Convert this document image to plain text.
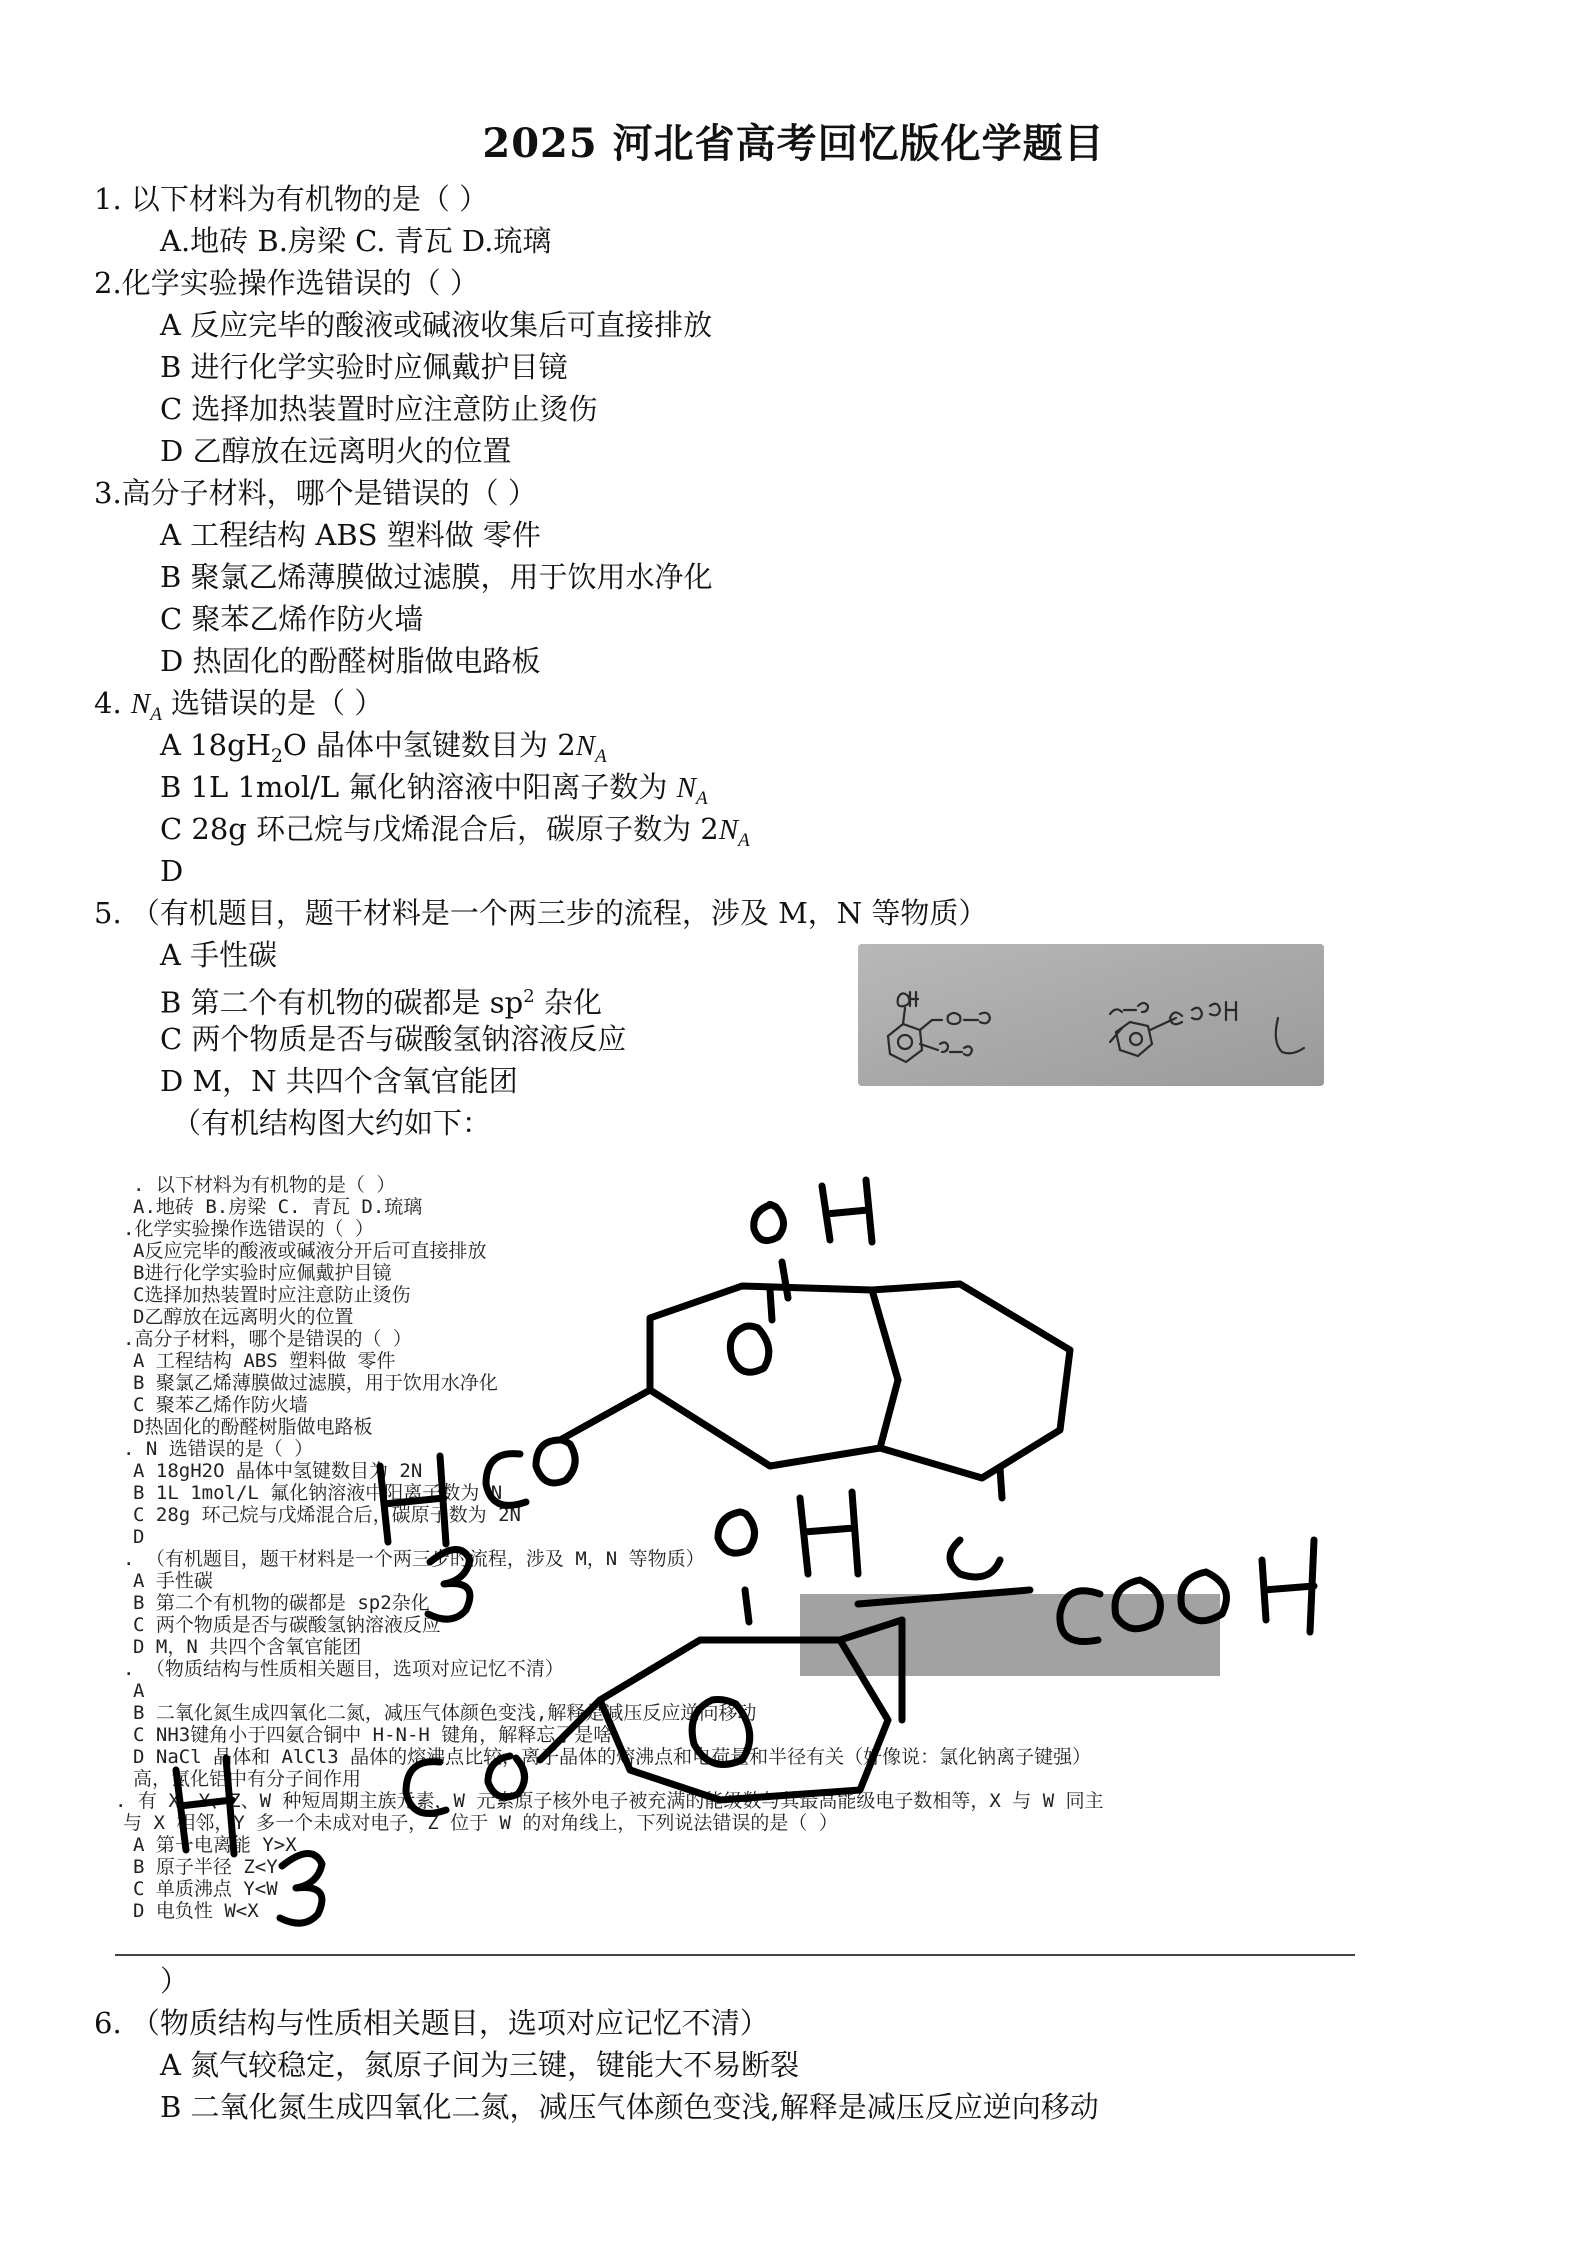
2025 河北省高考回忆版化学题目
1. 以下材料为有机物的是（ ）
A.地砖 B.房梁 C. 青瓦 D.琉璃
2.化学实验操作选错误的（ ）
A 反应完毕的酸液或碱液收集后可直接排放
B 进行化学实验时应佩戴护目镜
C 选择加热装置时应注意防止烫伤
D 乙醇放在远离明火的位置
3.高分子材料，哪个是错误的（ ）
A 工程结构 ABS 塑料做 零件
B 聚氯乙烯薄膜做过滤膜，用于饮用水净化
C 聚苯乙烯作防火墙
D 热固化的酚醛树脂做电路板
4. $N_A$ 选错误的是（ ）
A $18gH_2O$ 晶体中氢键数目为 $2N_A$
B 1L 1mol/L 氟化钠溶液中阳离子数为 $N_A$
C 28g 环己烷与戊烯混合后，碳原子数为 $2N_A$
D
5. （有机题目，题干材料是一个两三步的流程，涉及 M，N 等物质）
A 手性碳
B 第二个有机物的碳都是 $sp^2$ 杂化
C 两个物质是否与碳酸氢钠溶液反应
D M，N 共四个含氧官能团
（有机结构图大约如下：
. 以下材料为有机物的是（ ）
A.地砖 B.房梁 C. 青瓦 D.琉璃
.化学实验操作选错误的（ ）
A反应完毕的酸液或碱液分开后可直接排放
B进行化学实验时应佩戴护目镜
C选择加热装置时应注意防止烫伤
D乙醇放在远离明火的位置
.高分子材料，哪个是错误的（ ）
A 工程结构 ABS 塑料做 零件
B 聚氯乙烯薄膜做过滤膜，用于饮用水净化
C 聚苯乙烯作防火墙
D热固化的酚醛树脂做电路板
. N 选错误的是（ ）
A 18gH2O 晶体中氢键数目为 2N
B 1L 1mol/L 氟化钠溶液中阳离子数为 N
C 28g 环己烷与戊烯混合后，碳原子数为 2N
D
. （有机题目，题干材料是一个两三步的流程，涉及 M，N 等物质）
A 手性碳
B 第二个有机物的碳都是 sp2杂化
C 两个物质是否与碳酸氢钠溶液反应
D M，N 共四个含氧官能团
. （物质结构与性质相关题目，选项对应记忆不清）
A
B 二氧化氮生成四氧化二氮，减压气体颜色变浅,解释是减压反应逆向移动
C NH3键角小于四氨合铜中 H-N-H 键角，解释忘了是啥
D NaCl 晶体和 AlCl3 晶体的熔沸点比较，离子晶体的熔沸点和电荷量和半径有关（好像说：氯化钠离子键强）
高，氯化铝中有分子间作用
. 有 X、Y、Z、W 种短周期主族元素，W 元素原子核外电子被充满的能级数与其最高能级电子数相等，X 与 W 同主
与 X 相邻，Y 多一个未成对电子，Z 位于 W 的对角线上，下列说法错误的是（ ）
A 第一电离能 Y>X
B 原子半径 Z<Y
C 单质沸点 Y<W
D 电负性 W<X
）
6. （物质结构与性质相关题目，选项对应记忆不清）
A 氮气较稳定，氮原子间为三键，键能大不易断裂
B 二氧化氮生成四氧化二氮，减压气体颜色变浅,解释是减压反应逆向移动
